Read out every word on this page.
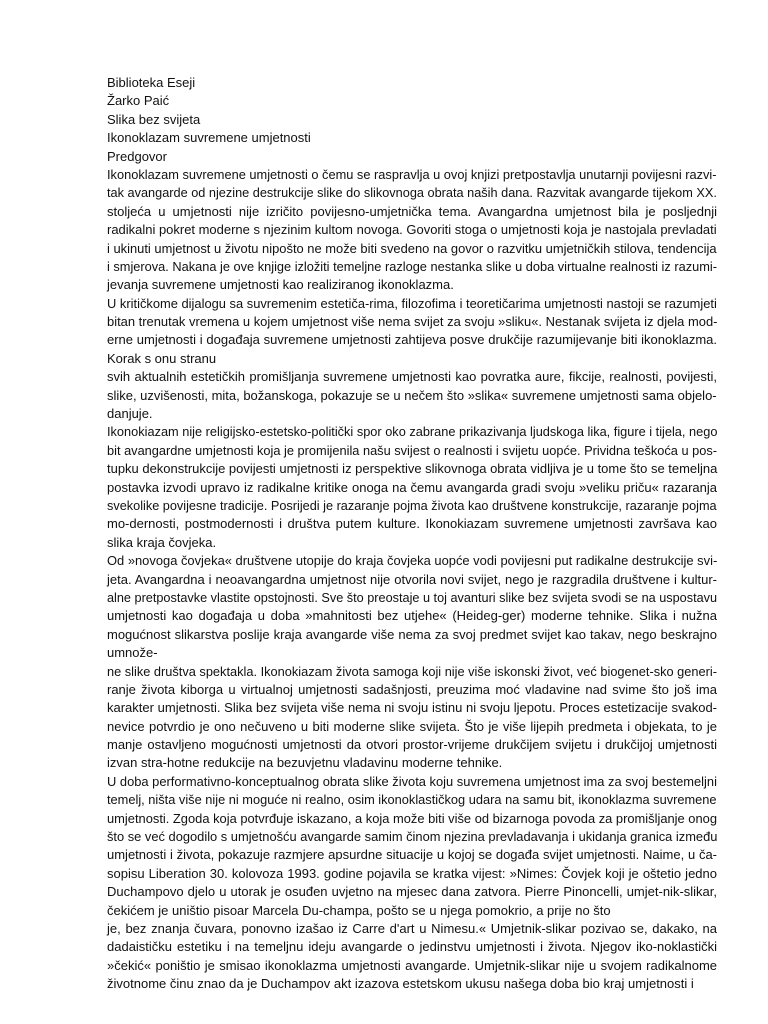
Biblioteka Eseji
Žarko Paić
Slika bez svijeta
Ikonoklazam suvremene umjetnosti
Predgovor
Ikonoklazam suvremene umjetnosti o čemu se raspravlja u ovoj knjizi pretpostavlja unutarnji povijesni razvi-
tak avangarde od njezine destrukcije slike do slikovnoga obrata naših dana. Razvitak avangarde tijekom XX.
stoljeća u umjetnosti nije izričito povijesno-umjetnička tema. Avangardna umjetnost bila je posljednji
radikalni pokret moderne s njezinim kultom novoga. Govoriti stoga o umjetnosti koja je nastojala prevladati
i ukinuti umjetnost u životu nipošto ne može biti svedeno na govor o razvitku umjetničkih stilova, tendencija
i smjerova. Nakana je ove knjige izložiti temeljne razloge nestanka slike u doba virtualne realnosti iz razumi-
jevanja suvremene umjetnosti kao realiziranog ikonoklazma.
U kritičkome dijalogu sa suvremenim estetiča-rima, filozofima i teoretičarima umjetnosti nastoji se razumjeti
bitan trenutak vremena u kojem umjetnost više nema svijet za svoju »sliku«. Nestanak svijeta iz djela mod-
erne umjetnosti i događaja suvremene umjetnosti zahtijeva posve drukčije razumijevanje biti ikonoklazma.
Korak s onu stranu
svih aktualnih estetičkih promišljanja suvremene umjetnosti kao povratka aure, fikcije, realnosti, povijesti,
slike, uzvišenosti, mita, božanskoga, pokazuje se u nečem što »slika« suvremene umjetnosti sama objelo-
danjuje.
Ikonokiazam nije religijsko-estetsko-politički spor oko zabrane prikazivanja ljudskoga lika, figure i tijela, nego
bit avangardne umjetnosti koja je promijenila našu svijest o realnosti i svijetu uopće. Prividna teškoća u pos-
tupku dekonstrukcije povijesti umjetnosti iz perspektive slikovnoga obrata vidljiva je u tome što se temeljna
postavka izvodi upravo iz radikalne kritike onoga na čemu avangarda gradi svoju »veliku priču« razaranja
svekolike povijesne tradicije. Posrijedi je razaranje pojma života kao društvene konstrukcije, razaranje pojma
mo-dernosti, postmodernosti i društva putem kulture. Ikonokiazam suvremene umjetnosti završava kao
slika kraja čovjeka.
Od »novoga čovjeka« društvene utopije do kraja čovjeka uopće vodi povijesni put radikalne destrukcije svi-
jeta. Avangardna i neoavangardna umjetnost nije otvorila novi svijet, nego je razgradila društvene i kultur-
alne pretpostavke vlastite opstojnosti. Sve što preostaje u toj avanturi slike bez svijeta svodi se na uspostavu
umjetnosti kao događaja u doba »mahnitosti bez utjehe« (Heideg-ger) moderne tehnike. Slika i nužna
mogućnost slikarstva poslije kraja avangarde više nema za svoj predmet svijet kao takav, nego beskrajno
umnože-
ne slike društva spektakla. Ikonokiazam života samoga koji nije više iskonski život, već biogenet-sko generi-
ranje života kiborga u virtualnoj umjetnosti sadašnjosti, preuzima moć vladavine nad svime što još ima
karakter umjetnosti. Slika bez svijeta više nema ni svoju istinu ni svoju ljepotu. Proces estetizacije svakod-
nevice potvrdio je ono nečuveno u biti moderne slike svijeta. Što je više lijepih predmeta i objekata, to je
manje ostavljeno mogućnosti umjetnosti da otvori prostor-vrijeme drukčijem svijetu i drukčijoj umjetnosti
izvan stra-hotne redukcije na bezuvjetnu vladavinu moderne tehnike.
U doba performativno-konceptualnog obrata slike života koju suvremena umjetnost ima za svoj bestemeljni
temelj, ništa više nije ni moguće ni realno, osim ikonoklastičkog udara na samu bit, ikonoklazma suvremene
umjetnosti. Zgoda koja potvrđuje iskazano, a koja može biti više od bizarnoga povoda za promišljanje onog
što se već dogodilo s umjetnošću avangarde samim činom njezina prevladavanja i ukidanja granica između
umjetnosti i života, pokazuje razmjere apsurdne situacije u kojoj se događa svijet umjetnosti. Naime, u ča-
sopisu Liberation 30. kolovoza 1993. godine pojavila se kratka vijest: »Nimes: Čovjek koji je oštetio jedno
Duchampovo djelo u utorak je osuđen uvjetno na mjesec dana zatvora. Pierre Pinoncelli, umjet-nik-slikar,
čekićem je uništio pisoar Marcela Du-champa, pošto se u njega pomokrio, a prije no što
je, bez znanja čuvara, ponovno izašao iz Carre d'art u Nimesu.« Umjetnik-slikar pozivao se, dakako, na
dadaističku estetiku i na temeljnu ideju avangarde o jedinstvu umjetnosti i života. Njegov iko-noklastički
»čekić« poništio je smisao ikonoklazma umjetnosti avangarde. Umjetnik-slikar nije u svojem radikalnome
životnome činu znao da je Duchampov akt izazova estetskom ukusu našega doba bio kraj umjetnosti i
